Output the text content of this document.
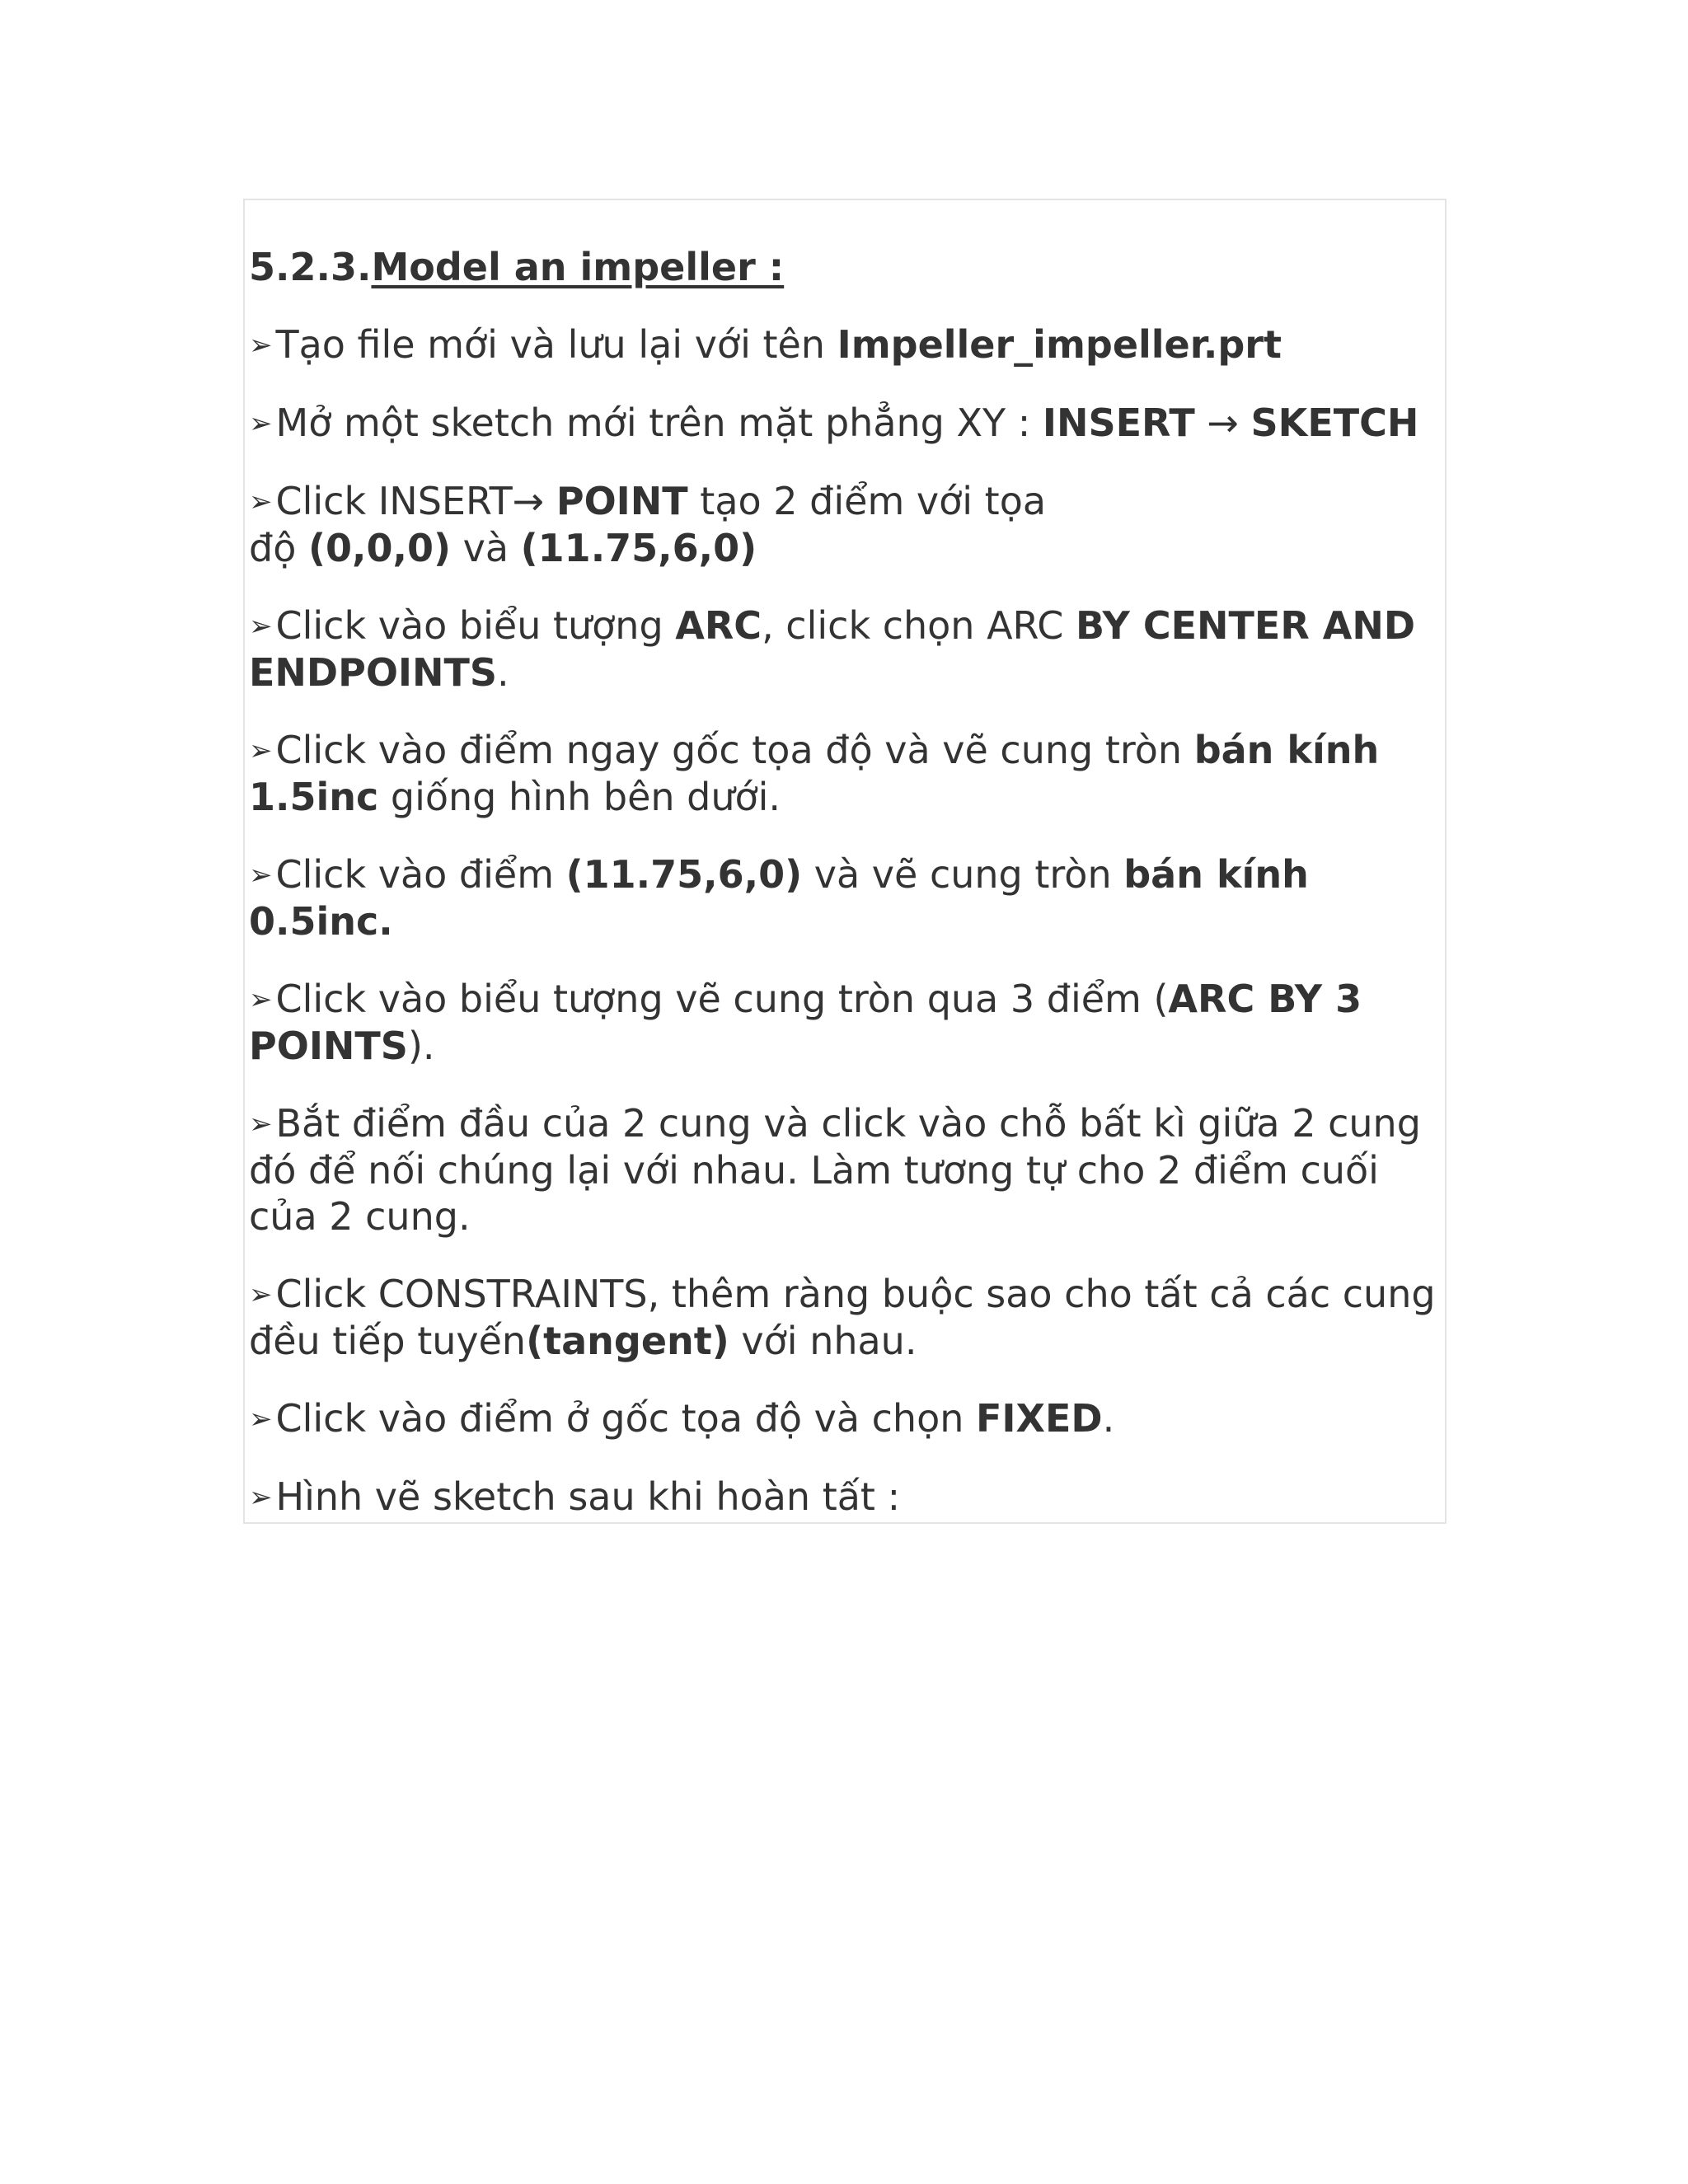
5.2.3.Model an impeller :
➢Tạo file mới và lưu lại với tên Impeller_impeller.prt
➢Mở một sketch mới trên mặt phẳng XY : INSERT → SKETCH
➢Click INSERT→ POINT tạo 2 điểm với tọa
độ (0,0,0) và (11.75,6,0)
➢Click vào biểu tượng ARC, click chọn ARC BY CENTER AND ENDPOINTS.
➢Click vào điểm ngay gốc tọa độ và vẽ cung tròn bán kính 1.5inc giống hình bên dưới.
➢Click vào điểm (11.75,6,0) và vẽ cung tròn bán kính 0.5inc.
➢Click vào biểu tượng vẽ cung tròn qua 3 điểm (ARC BY 3 POINTS).
➢Bắt điểm đầu của 2 cung và click vào chỗ bất kì giữa 2 cung đó để nối chúng lại với nhau. Làm tương tự cho 2 điểm cuối của 2 cung.
➢Click CONSTRAINTS, thêm ràng buộc sao cho tất cả các cung đều tiếp tuyến(tangent) với nhau.
➢Click vào điểm ở gốc tọa độ và chọn FIXED.
➢Hình vẽ sketch sau khi hoàn tất :
